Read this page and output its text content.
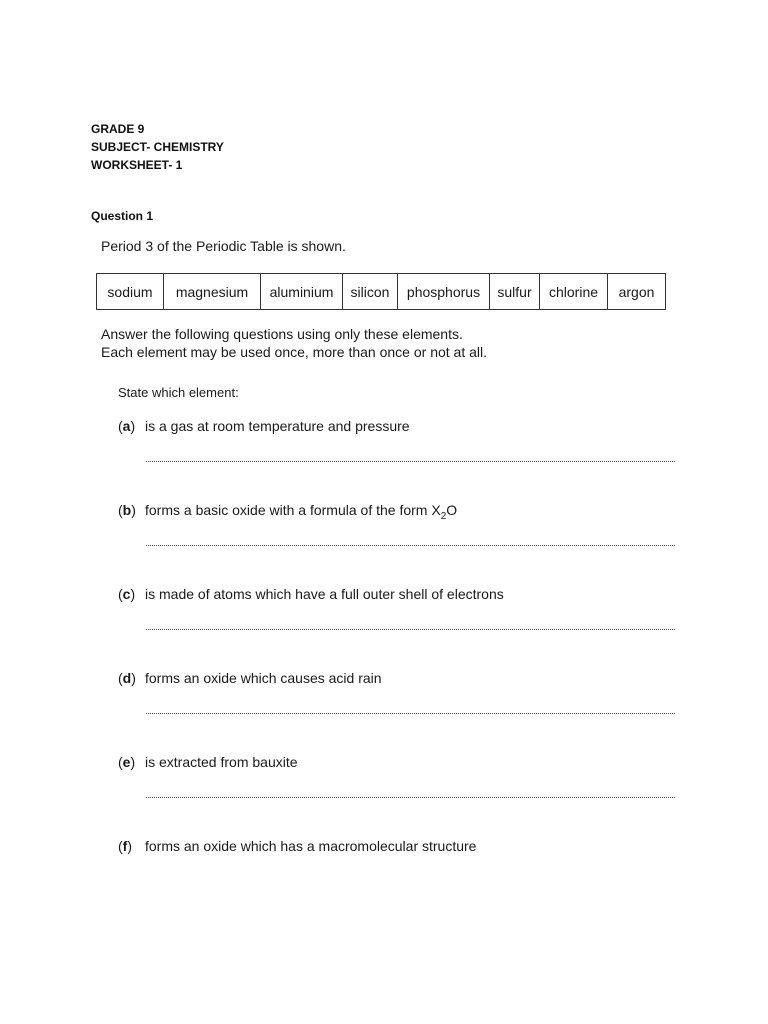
GRADE 9
SUBJECT- CHEMISTRY
WORKSHEET- 1
Question 1
Period 3 of the Periodic Table is shown.
sodium	magnesium	aluminium	silicon	phosphorus	sulfur	chlorine	argon
Answer the following questions using only these elements.
Each element may be used once, more than once or not at all.
State which element:
(a) is a gas at room temperature and pressure
(b) forms a basic oxide with a formula of the form $X_2O$
(c) is made of atoms which have a full outer shell of electrons
(d) forms an oxide which causes acid rain
(e) is extracted from bauxite
(f) forms an oxide which has a macromolecular structure
